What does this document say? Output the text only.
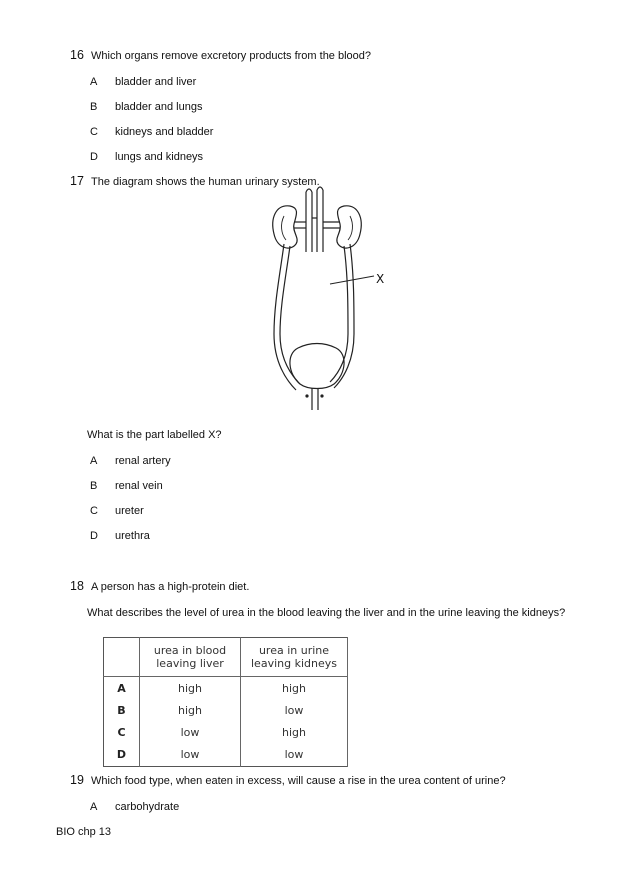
16 Which organs remove excretory products from the blood?
A bladder and liver
B bladder and lungs
C kidneys and bladder
D lungs and kidneys
17 The diagram shows the human urinary system.
X
What is the part labelled X?
A renal artery
B renal vein
C ureter
D urethra
18 A person has a high-protein diet.
What describes the level of urea in the blood leaving the liver and in the urine leaving the kidneys?
	urea in blood leaving liver	urea in urine leaving kidneys
A	high	high
B	high	low
C	low	high
D	low	low
19 Which food type, when eaten in excess, will cause a rise in the urea content of urine?
A carbohydrate
BIO chp 13
